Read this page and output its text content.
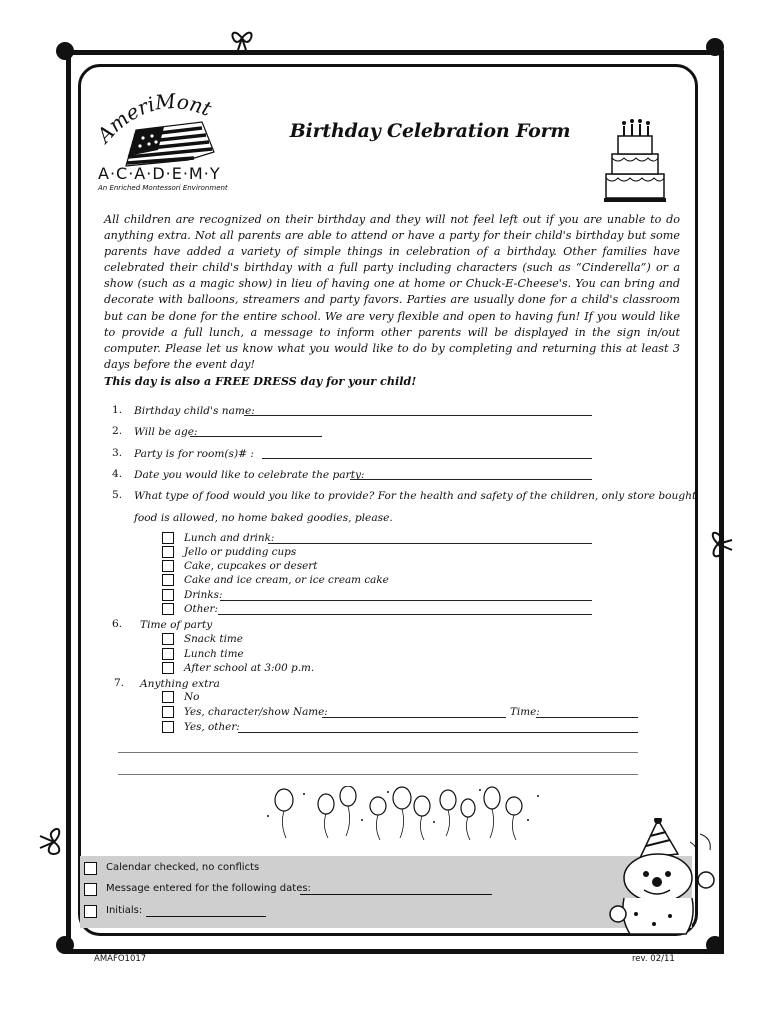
meriMont
A·C·A·D·E·M·Y
An Enriched Montessori Environment
Birthday Celebration Form
All children are recognized on their birthday and they will not feel left out if you are unable to do anything extra. Not all parents are able to attend or have a party for their child's birthday but some parents have added a variety of simple things in celebration of a birthday. Other families have celebrated their child's birthday with a full party including characters (such as “Cinderella”) or a show (such as a magic show) in lieu of having one at home or Chuck-E-Cheese's. You can bring and decorate with balloons, streamers and party favors. Parties are usually done for a child's classroom but can be done for the entire school. We are very flexible and open to having fun! If you would like to provide a full lunch, a message to inform other parents will be displayed in the sign in/out computer. Please let us know what you would like to do by completing and returning this at least 3 days before the event day!
This day is also a FREE DRESS day for your child!
1. Birthday child's name:
2. Will be age:
3. Party is for room(s)# :
4. Date you would like to celebrate the party:
5. What type of food would you like to provide? For the health and safety of the children, only store bought
food is allowed, no home baked goodies, please.
Lunch and drink:
Jello or pudding cups
Cake, cupcakes or desert
Cake and ice cream, or ice cream cake
Drinks:
Other:
6. Time of party
Snack time
Lunch time
After school at 3:00 p.m.
7. Anything extra
No
Yes, character/show Name:	Time:
Yes, other:
Calendar checked, no conflicts
Message entered for the following dates:
Initials:
AMAFO1017	rev. 02/11
